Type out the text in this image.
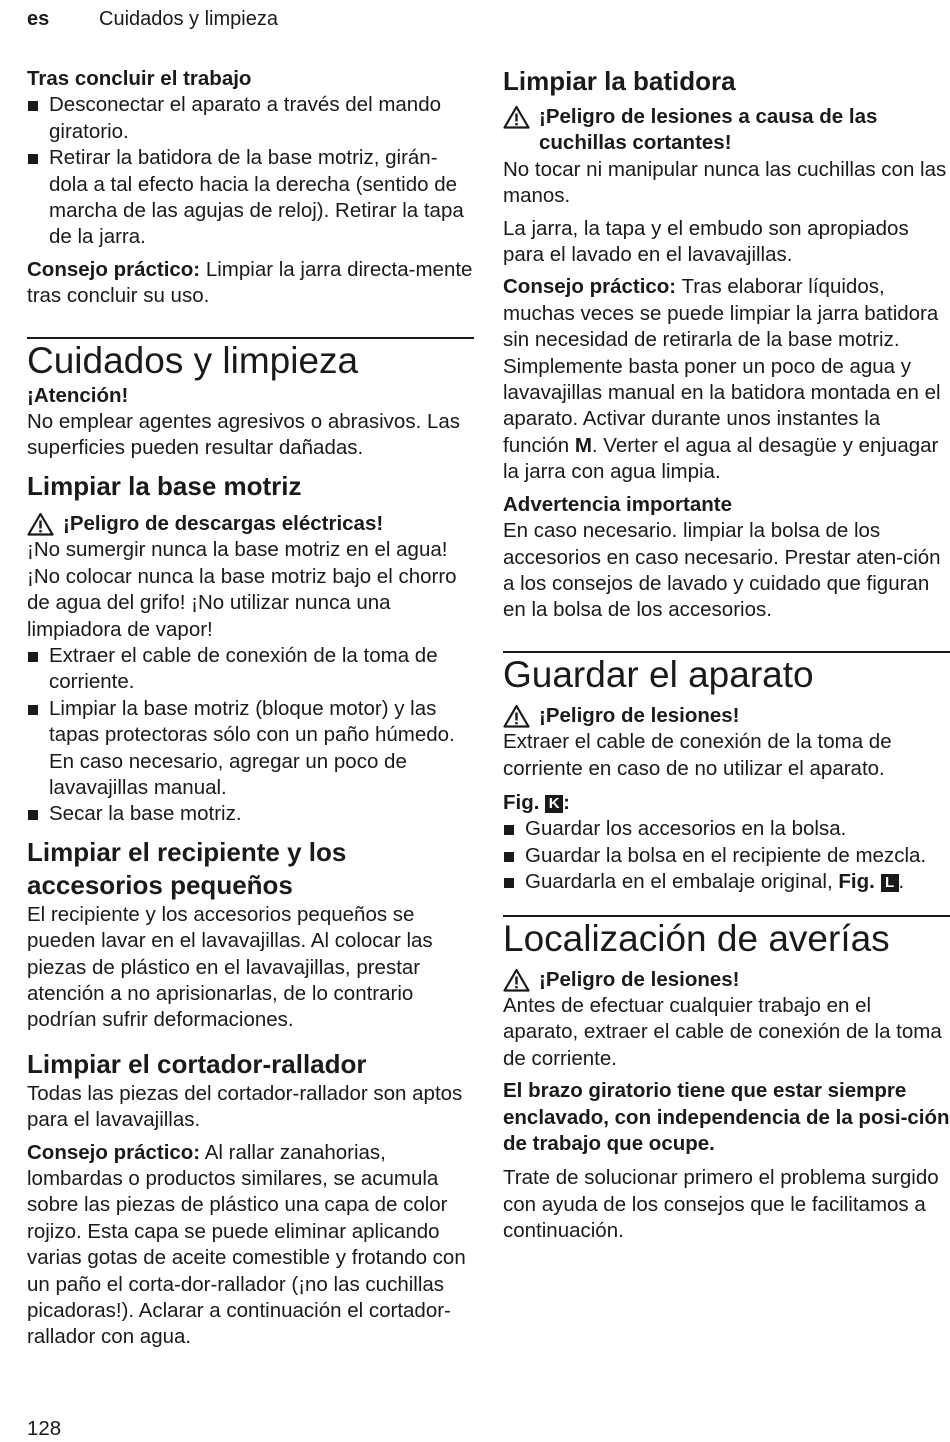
es Cuidados y limpieza

Tras concluir el trabajo

Desconectar el aparato a través del mando giratorio.
Retirar la batidora de la base motriz, girán-dola a tal efecto hacia la derecha (sentido de marcha de las agujas de reloj). Retirar la tapa de la jarra.

Consejo práctico: Limpiar la jarra directa-mente tras concluir su uso.

Cuidados y limpieza

¡Atención!

No emplear agentes agresivos o abrasivos. Las superficies pueden resultar dañadas.

Limpiar la base motriz
¡Peligro de descargas eléctricas!

¡No sumergir nunca la base motriz en el agua! ¡No colocar nunca la base motriz bajo el chorro de agua del grifo! ¡No utilizar nunca una limpiadora de vapor!

Extraer el cable de conexión de la toma de corriente.
Limpiar la base motriz (bloque motor) y las tapas protectoras sólo con un paño húmedo. En caso necesario, agregar un poco de lavavajillas manual.
Secar la base motriz.
Limpiar el recipiente y los accesorios pequeños

El recipiente y los accesorios pequeños se pueden lavar en el lavavajillas. Al colocar las piezas de plástico en el lavavajillas, prestar atención a no aprisionarlas, de lo contrario podrían sufrir deformaciones.

Limpiar el cortador-rallador

Todas las piezas del cortador-rallador son aptos para el lavavajillas.

Consejo práctico: Al rallar zanahorias, lombardas o productos similares, se acumula sobre las piezas de plástico una capa de color rojizo. Esta capa se puede eliminar aplicando varias gotas de aceite comestible y frotando con un paño el corta-dor-rallador (¡no las cuchillas picadoras!). Aclarar a continuación el cortador-rallador con agua.

Limpiar la batidora
¡Peligro de lesiones a causa de las cuchillas cortantes!

No tocar ni manipular nunca las cuchillas con las manos.

La jarra, la tapa y el embudo son apropiados para el lavado en el lavavajillas.

Consejo práctico: Tras elaborar líquidos, muchas veces se puede limpiar la jarra batidora sin necesidad de retirarla de la base motriz. Simplemente basta poner un poco de agua y lavavajillas manual en la batidora montada en el aparato. Activar durante unos instantes la función M. Verter el agua al desagüe y enjuagar la jarra con agua limpia.

Advertencia importante

En caso necesario. limpiar la bolsa de los accesorios en caso necesario. Prestar aten-ción a los consejos de lavado y cuidado que figuran en la bolsa de los accesorios.

Guardar el aparato
¡Peligro de lesiones!

Extraer el cable de conexión de la toma de corriente en caso de no utilizar el aparato.

Fig. K :

Guardar los accesorios en la bolsa.
Guardar la bolsa en el recipiente de mezcla.
Guardarla en el embalaje original, Fig. L .
Localización de averías
¡Peligro de lesiones!

Antes de efectuar cualquier trabajo en el aparato, extraer el cable de conexión de la toma de corriente.

El brazo giratorio tiene que estar siempre enclavado, con independencia de la posi-ción de trabajo que ocupe.

Trate de solucionar primero el problema surgido con ayuda de los consejos que le facilitamos a continuación.

128
